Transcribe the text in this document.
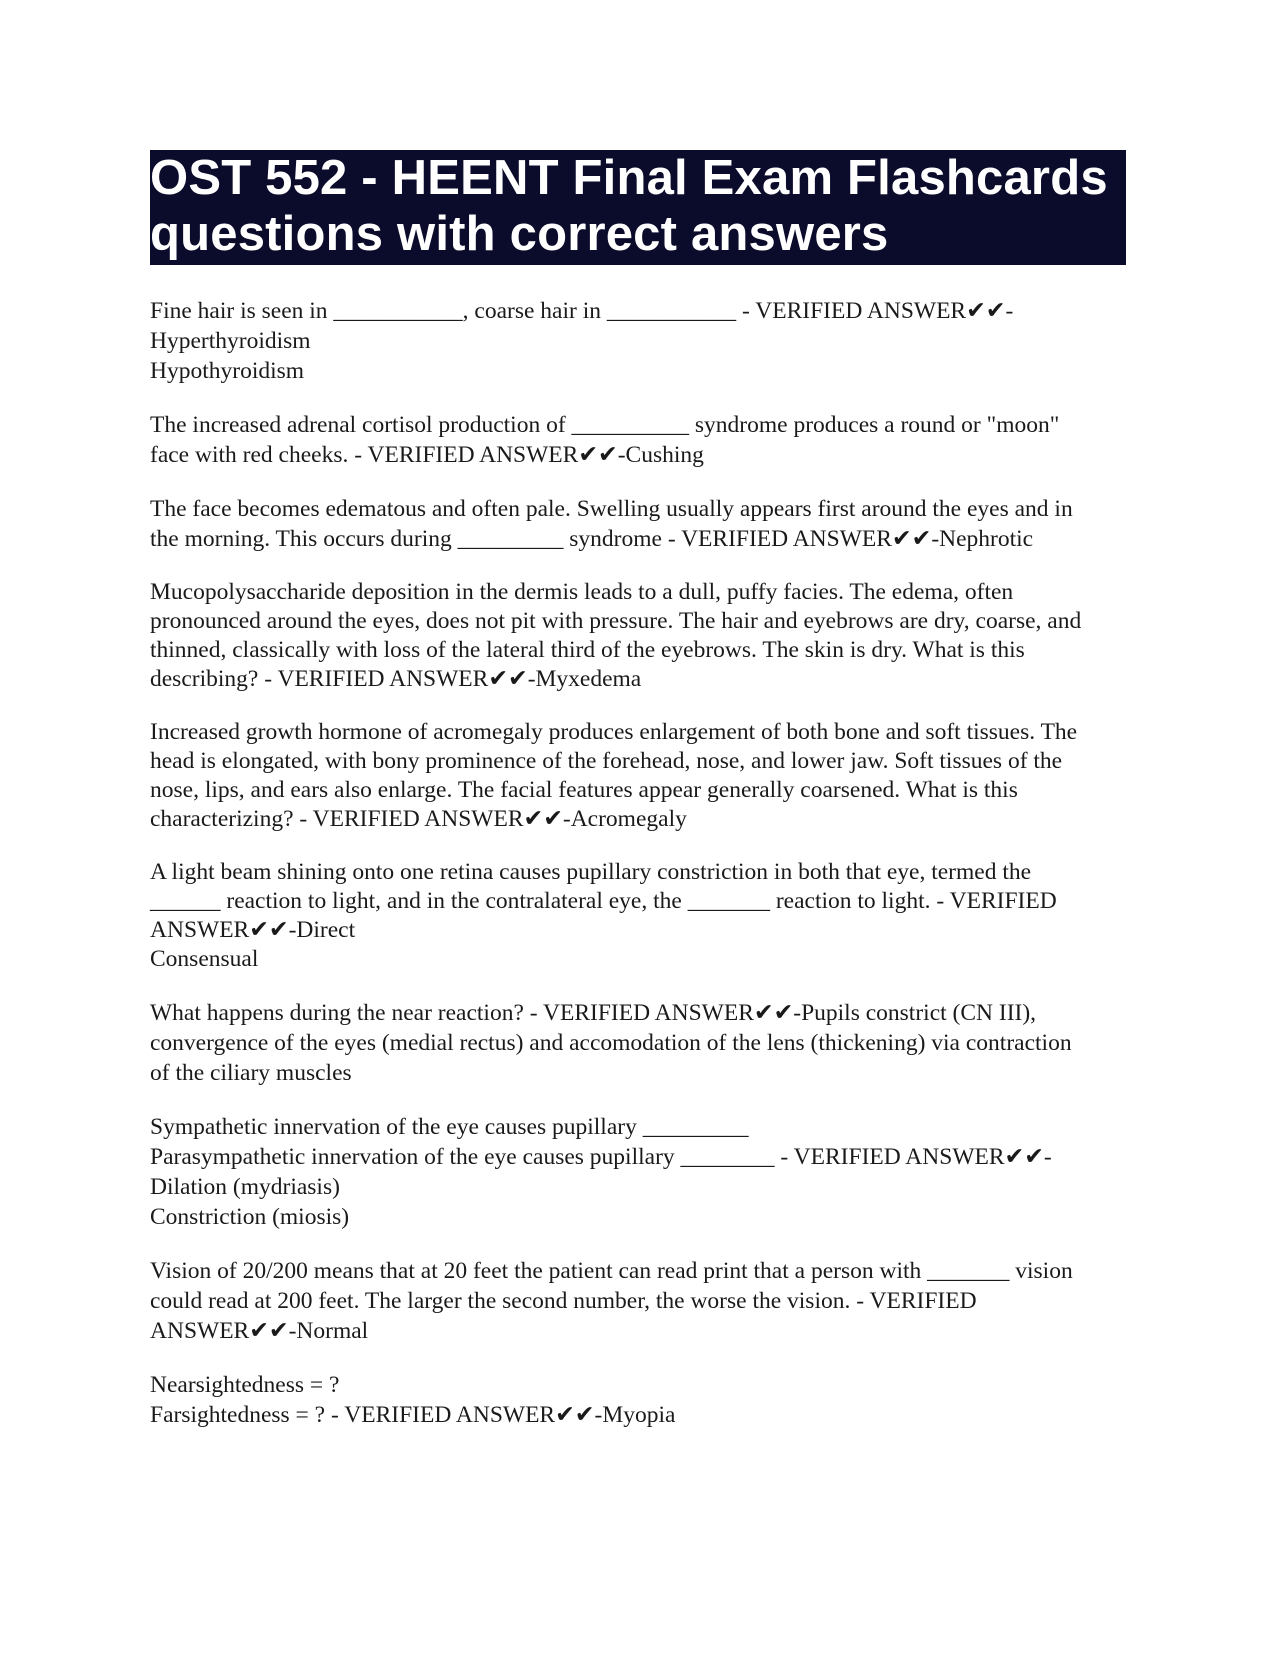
OST 552 - HEENT Final Exam Flashcards
questions with correct answers
Fine hair is seen in ___________, coarse hair in ___________ - VERIFIED ANSWER✔✔-
Hyperthyroidism
Hypothyroidism
The increased adrenal cortisol production of __________ syndrome produces a round or "moon"
face with red cheeks. - VERIFIED ANSWER✔✔-Cushing
The face becomes edematous and often pale. Swelling usually appears first around the eyes and in
the morning. This occurs during _________ syndrome - VERIFIED ANSWER✔✔-Nephrotic
Mucopolysaccharide deposition in the dermis leads to a dull, puffy facies. The edema, often
pronounced around the eyes, does not pit with pressure. The hair and eyebrows are dry, coarse, and
thinned, classically with loss of the lateral third of the eyebrows. The skin is dry. What is this
describing? - VERIFIED ANSWER✔✔-Myxedema
Increased growth hormone of acromegaly produces enlargement of both bone and soft tissues. The
head is elongated, with bony prominence of the forehead, nose, and lower jaw. Soft tissues of the
nose, lips, and ears also enlarge. The facial features appear generally coarsened. What is this
characterizing? - VERIFIED ANSWER✔✔-Acromegaly
A light beam shining onto one retina causes pupillary constriction in both that eye, termed the
______ reaction to light, and in the contralateral eye, the _______ reaction to light. - VERIFIED
ANSWER✔✔-Direct
Consensual
What happens during the near reaction? - VERIFIED ANSWER✔✔-Pupils constrict (CN III),
convergence of the eyes (medial rectus) and accomodation of the lens (thickening) via contraction
of the ciliary muscles
Sympathetic innervation of the eye causes pupillary _________
Parasympathetic innervation of the eye causes pupillary ________ - VERIFIED ANSWER✔✔-
Dilation (mydriasis)
Constriction (miosis)
Vision of 20/200 means that at 20 feet the patient can read print that a person with _______ vision
could read at 200 feet. The larger the second number, the worse the vision. - VERIFIED
ANSWER✔✔-Normal
Nearsightedness = ?
Farsightedness = ? - VERIFIED ANSWER✔✔-Myopia
